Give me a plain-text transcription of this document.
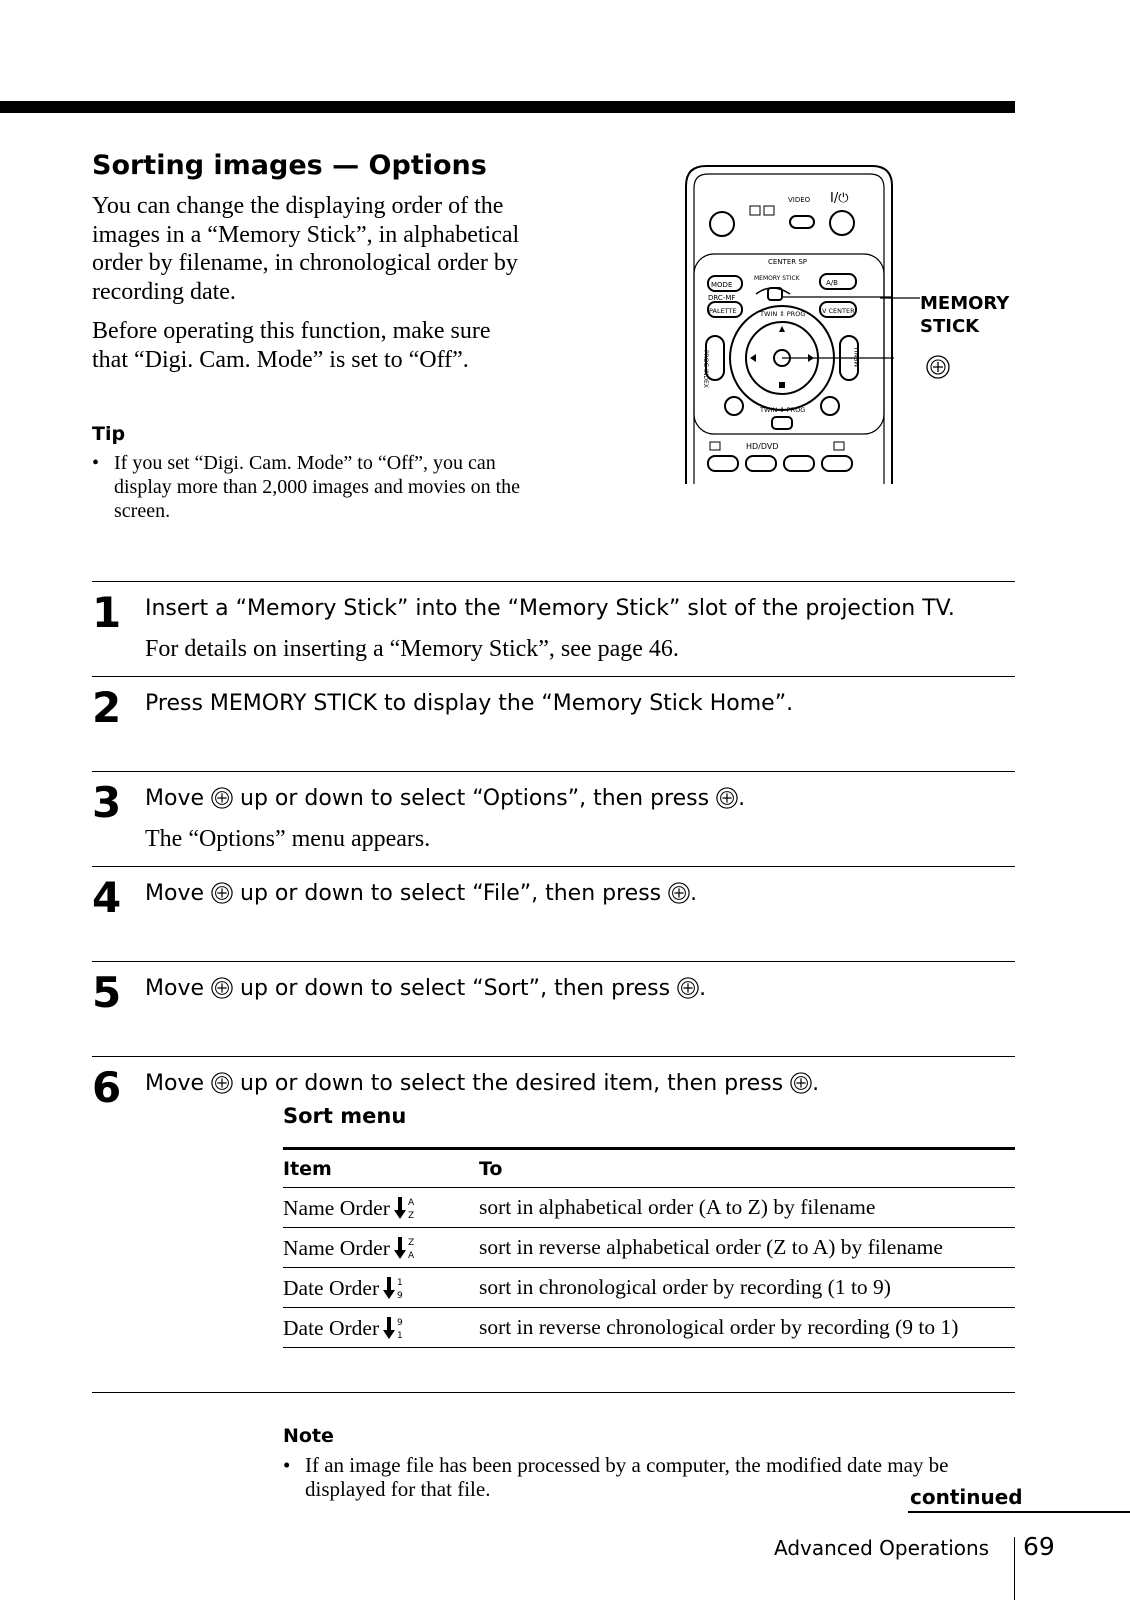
Sorting images — Options

You can change the displaying order of the images in a “Memory Stick”, in alphabetical order by filename, in chronological order by recording date.

Before operating this function, make sure that “Digi. Cam. Mode” is set to “Off”.

Tip
• If you set “Digi. Cam. Mode” to “Off”, you can display more than 2,000 images and movies on the screen.
VIDEO I/⏻
CENTER SP
MODE
MEMORY STICK
A/B
DRC-MF
PALETTE	V CENTER
TWIN ⇕ PROG
PROG INDEX	MENU
TWIN ⇕ PROG
HD/DVD
MEMORY
STICK
1 Insert a “Memory Stick” into the “Memory Stick” slot of the projection TV.
For details on inserting a “Memory Stick”, see page 46.
2 Press MEMORY STICK to display the “Memory Stick Home”.
3 Move up or down to select “Options”, then press .
The “Options” menu appears.
4 Move up or down to select “File”, then press .
5 Move up or down to select “Sort”, then press .
6 Move up or down to select the desired item, then press .
Sort menu
Item	To
Name Order A
Z	sort in alphabetical order (A to Z) by filename
Name Order Z
A	sort in reverse alphabetical order (Z to A) by filename
Date Order 1
9	sort in chronological order by recording (1 to 9)
Date Order 9
1	sort in reverse chronological order by recording (9 to 1)
Note
• If an image file has been processed by a computer, the modified date may be displayed for that file.	continued
Advanced Operations 69
